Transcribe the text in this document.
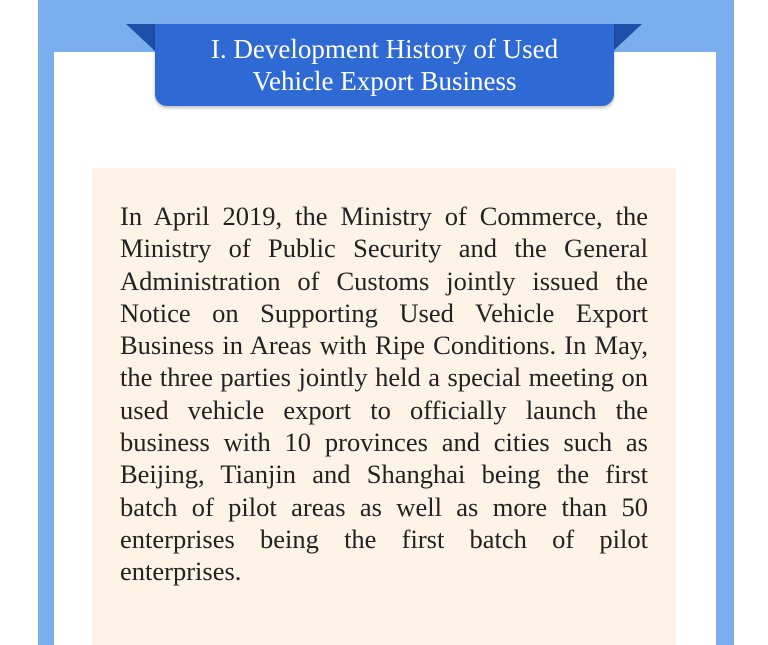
I. Development History of Used Vehicle Export Business

In April 2019, the Ministry of Commerce, the Ministry of Public Security and the General Administration of Customs jointly issued the Notice on Supporting Used Vehicle Export Business in Areas with Ripe Conditions. In May, the three parties jointly held a special meeting on used vehicle export to officially launch the business with 10 provinces and cities such as Beijing, Tianjin and Shanghai being the first batch of pilot areas as well as more than 50 enterprises being the first batch of pilot enterprises.
